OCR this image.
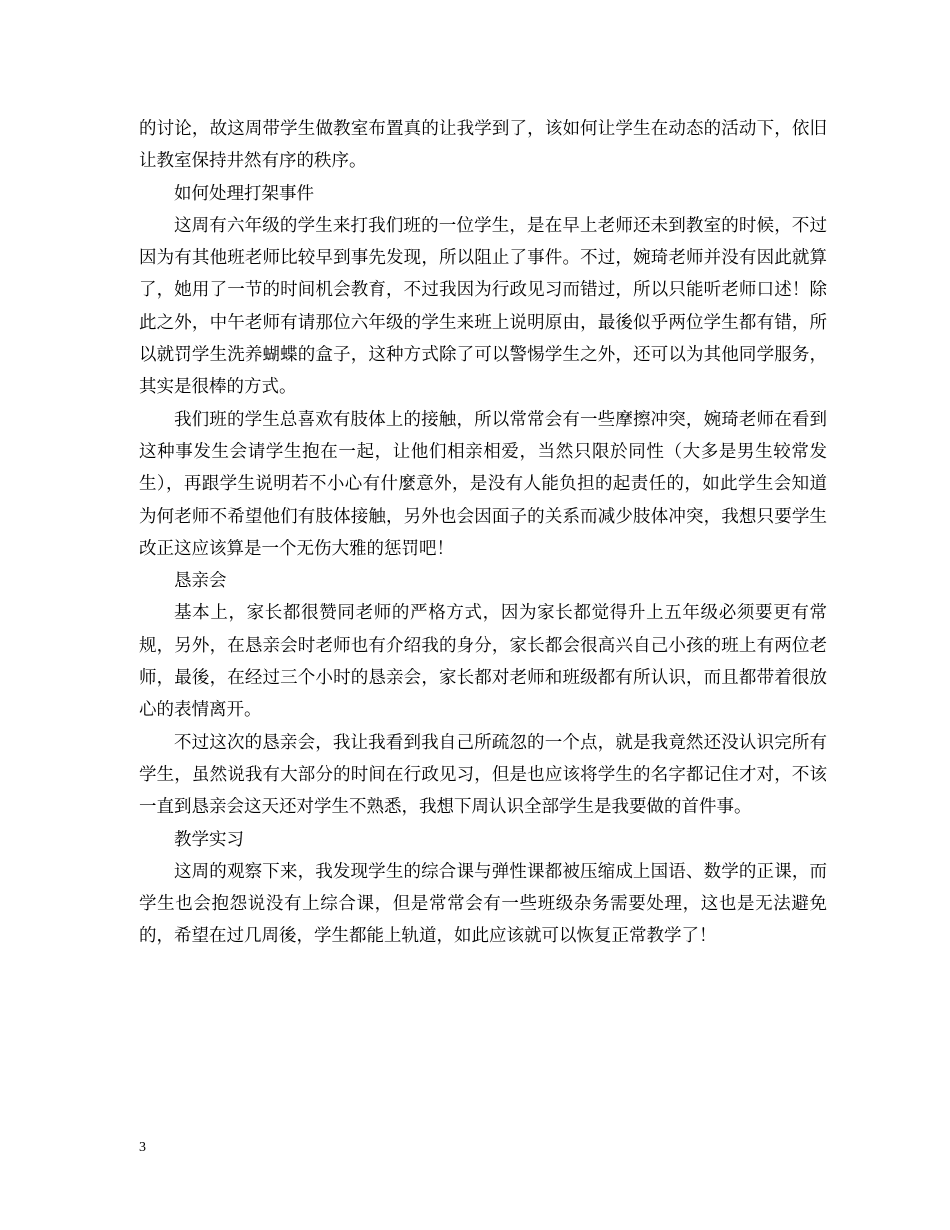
的讨论，故这周带学生做教室布置真的让我学到了，该如何让学生在动态的活动下，依旧让教室保持井然有序的秩序。

如何处理打架事件

这周有六年级的学生来打我们班的一位学生，是在早上老师还未到教室的时候，不过因为有其他班老师比较早到事先发现，所以阻止了事件。不过，婉琦老师并没有因此就算了，她用了一节的时间机会教育，不过我因为行政见习而错过，所以只能听老师口述！除此之外，中午老师有请那位六年级的学生来班上说明原由，最後似乎两位学生都有错，所以就罚学生洗养蝴蝶的盒子，这种方式除了可以警惕学生之外，还可以为其他同学服务，其实是很棒的方式。

我们班的学生总喜欢有肢体上的接触，所以常常会有一些摩擦冲突，婉琦老师在看到这种事发生会请学生抱在一起，让他们相亲相爱，当然只限於同性（大多是男生较常发生），再跟学生说明若不小心有什麼意外，是没有人能负担的起责任的，如此学生会知道为何老师不希望他们有肢体接触，另外也会因面子的关系而减少肢体冲突，我想只要学生改正这应该算是一个无伤大雅的惩罚吧！

恳亲会

基本上，家长都很赞同老师的严格方式，因为家长都觉得升上五年级必须要更有常规，另外，在恳亲会时老师也有介绍我的身分，家长都会很高兴自己小孩的班上有两位老师，最後，在经过三个小时的恳亲会，家长都对老师和班级都有所认识，而且都带着很放心的表情离开。

不过这次的恳亲会，我让我看到我自己所疏忽的一个点，就是我竟然还没认识完所有学生，虽然说我有大部分的时间在行政见习，但是也应该将学生的名字都记住才对，不该一直到恳亲会这天还对学生不熟悉，我想下周认识全部学生是我要做的首件事。

教学实习

这周的观察下来，我发现学生的综合课与弹性课都被压缩成上国语、数学的正课，而学生也会抱怨说没有上综合课，但是常常会有一些班级杂务需要处理，这也是无法避免的，希望在过几周後，学生都能上轨道，如此应该就可以恢复正常教学了！

3
